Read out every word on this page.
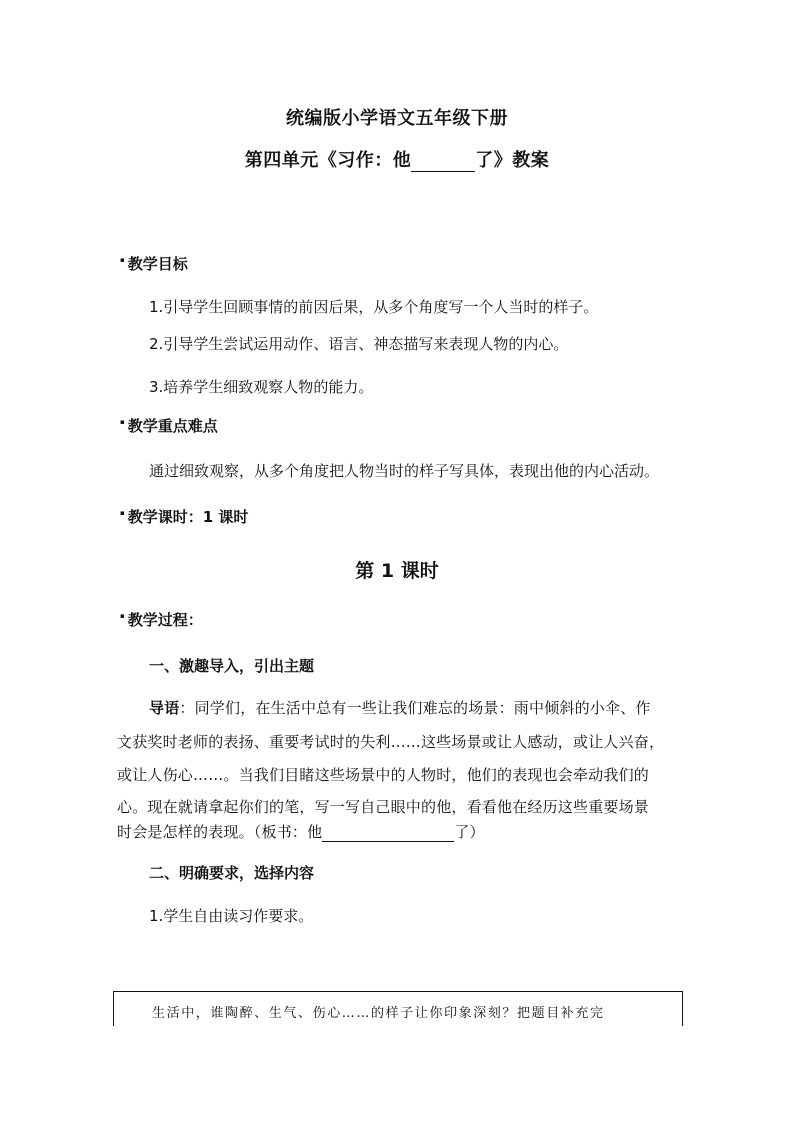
统编版小学语文五年级下册
第四单元《习作：他	了》教案
▪ 教学目标
1.引导学生回顾事情的前因后果，从多个角度写一个人当时的样子。
2.引导学生尝试运用动作、语言、神态描写来表现人物的内心。
3.培养学生细致观察人物的能力。
▪ 教学重点难点
通过细致观察，从多个角度把人物当时的样子写具体，表现出他的内心活动。
▪ 教学课时：1 课时
第 1 课时
▪ 教学过程：
一、激趣导入，引出主题
导语：同学们，在生活中总有一些让我们难忘的场景：雨中倾斜的小伞、作
文获奖时老师的表扬、重要考试时的失利……这些场景或让人感动，或让人兴奋，
或让人伤心……。当我们目睹这些场景中的人物时，他们的表现也会牵动我们的
心。现在就请拿起你们的笔，写一写自己眼中的他，看看他在经历这些重要场景
时会是怎样的表现。（板书：他	了）
二、明确要求，选择内容
1.学生自由读习作要求。
生活中，谁陶醉、生气、伤心……的样子让你印象深刻？把题目补充完
